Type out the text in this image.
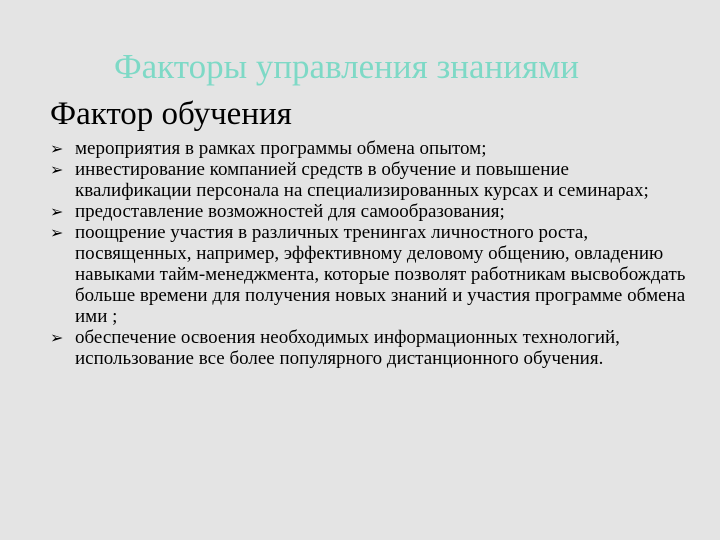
Факторы управления знаниями
Фактор обучения
➢ мероприятия в рамках программы обмена опытом;
➢ инвестирование компанией средств в обучение и повышение квалификации персонала на специализированных курсах и семинарах;
➢ предоставление возможностей для самообразования;
➢ поощрение участия в различных тренингах личностного роста, посвященных, например, эффективному деловому общению, овладению навыками тайм-менеджмента, которые позволят работникам высвобождать больше времени для получения новых знаний и участия программе обмена ими ;
➢ обеспечение освоения необходимых информационных технологий, использование все более популярного дистанционного обучения.
